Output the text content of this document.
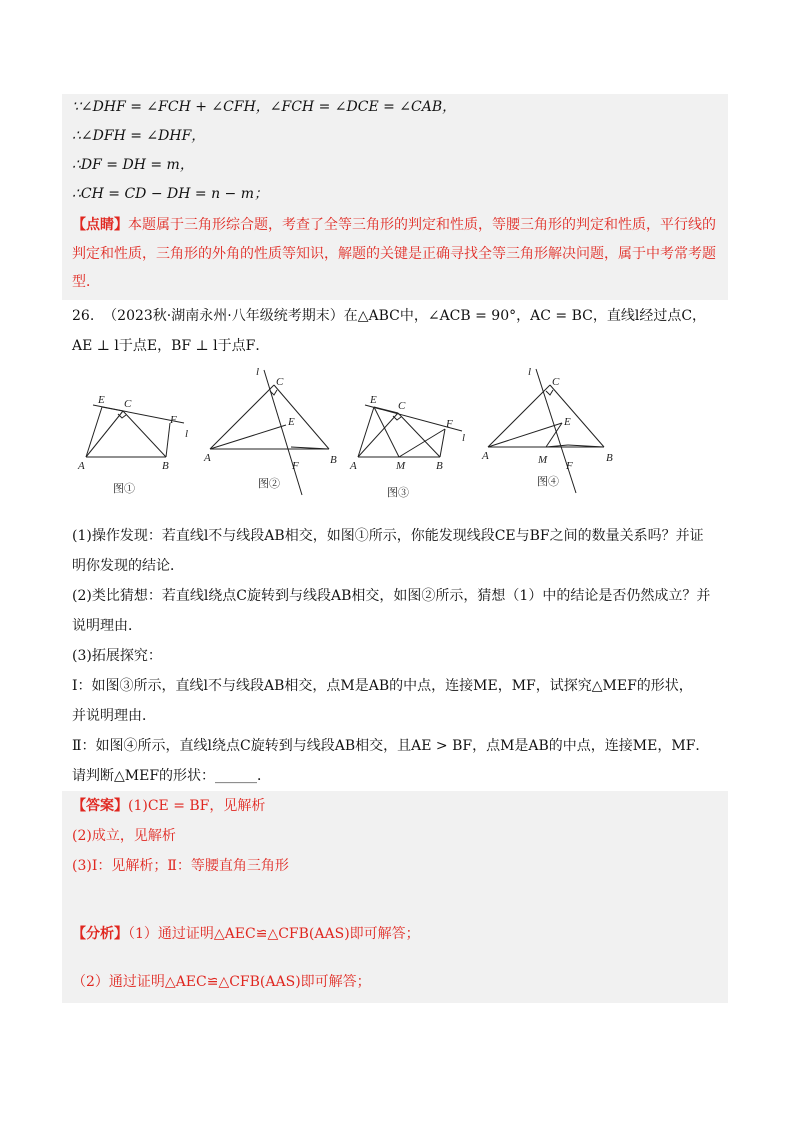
∵∠DHF = ∠FCH + ∠CFH，∠FCH = ∠DCE = ∠CAB，
∴∠DFH = ∠DHF，
∴DF = DH = m，
∴CH = CD − DH = n − m；
【点睛】本题属于三角形综合题，考查了全等三角形的判定和性质，等腰三角形的判定和性质，平行线的
判定和性质，三角形的外角的性质等知识，解题的关键是正确寻找全等三角形解决问题，属于中考常考题
型．
26. （2023秋·湖南永州·八年级统考期末）在△ABC中，∠ACB = 90°，AC = BC，直线l经过点C，
AE ⊥ l于点E，BF ⊥ l于点F．
A	B
E C
F
l
图①
l
C
E
A	B
F
图②
A	M	B
E C
F
l
图③
l
C
E
A	B
M F
图④
(1)操作发现：若直线l不与线段AB相交，如图①所示，你能发现线段CE与BF之间的数量关系吗？并证
明你发现的结论．
(2)类比猜想：若直线l绕点C旋转到与线段AB相交，如图②所示，猜想（1）中的结论是否仍然成立？并
说明理由．
(3)拓展探究：
Ⅰ：如图③所示，直线l不与线段AB相交，点M是AB的中点，连接ME，MF，试探究△MEF的形状，
并说明理由．
Ⅱ：如图④所示，直线l绕点C旋转到与线段AB相交，且AE > BF，点M是AB的中点，连接ME，MF．
请判断△MEF的形状：______．
【答案】(1)CE = BF，见解析
(2)成立，见解析
(3)Ⅰ：见解析；Ⅱ：等腰直角三角形
【分析】（1）通过证明△AEC≌△CFB(AAS)即可解答；
（2）通过证明△AEC≌△CFB(AAS)即可解答；
